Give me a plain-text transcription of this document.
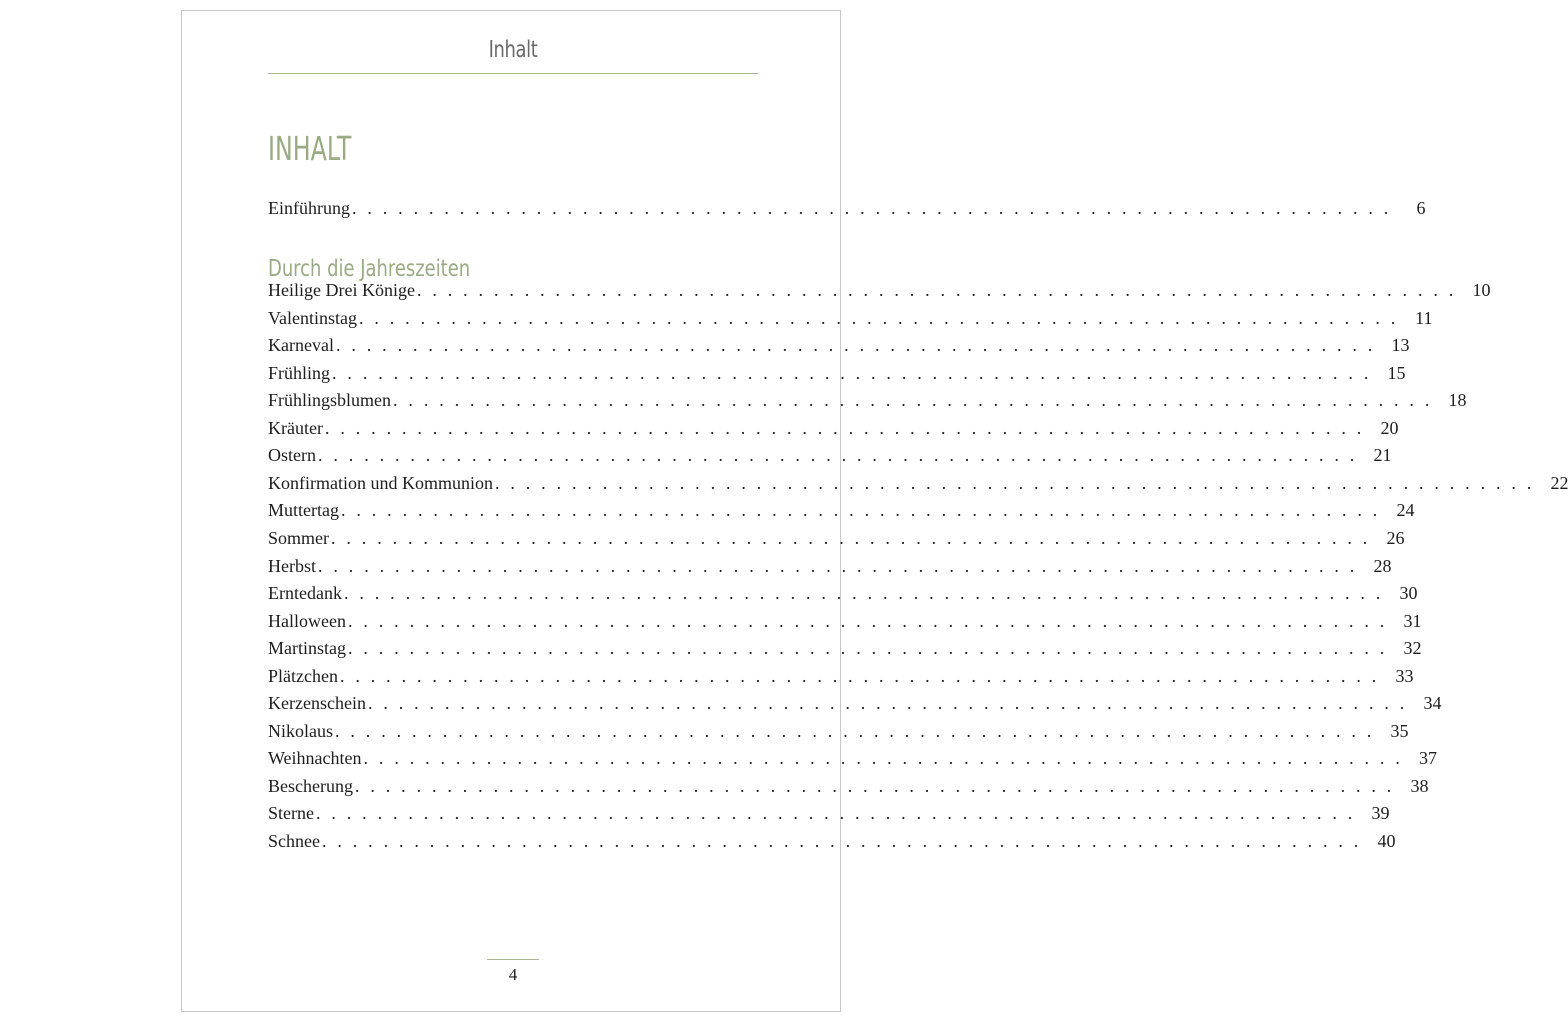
Inhalt
INHALT
Einführung . . . . . . . . . . . . . . . . . . . . . . . . . . . . . . . . . . . . . . . . . . . . . . . . . . . . . . . . . . . . . . . . . . . .	6
Durch die Jahreszeiten
Heilige Drei Könige . . . . . . . . . . . . . . . . . . . . . . . . . . . . . . . . . . . . . . . . . . . . . . . . . . . . . . . . . . . . . . . . . . . . 10
Valentinstag . . . . . . . . . . . . . . . . . . . . . . . . . . . . . . . . . . . . . . . . . . . . . . . . . . . . . . . . . . . . . . . . . . . . 11
Karneval . . . . . . . . . . . . . . . . . . . . . . . . . . . . . . . . . . . . . . . . . . . . . . . . . . . . . . . . . . . . . . . . . . . . 13
Frühling . . . . . . . . . . . . . . . . . . . . . . . . . . . . . . . . . . . . . . . . . . . . . . . . . . . . . . . . . . . . . . . . . . . . 15
Frühlingsblumen . . . . . . . . . . . . . . . . . . . . . . . . . . . . . . . . . . . . . . . . . . . . . . . . . . . . . . . . . . . . . . . . . . . . 18
Kräuter . . . . . . . . . . . . . . . . . . . . . . . . . . . . . . . . . . . . . . . . . . . . . . . . . . . . . . . . . . . . . . . . . . . . 20
Ostern . . . . . . . . . . . . . . . . . . . . . . . . . . . . . . . . . . . . . . . . . . . . . . . . . . . . . . . . . . . . . . . . . . . . 21
Konfirmation und Kommunion . . . . . . . . . . . . . . . . . . . . . . . . . . . . . . . . . . . . . . . . . . . . . . . . . . . . . . . . . . . . . . . . . . . . 22
Muttertag . . . . . . . . . . . . . . . . . . . . . . . . . . . . . . . . . . . . . . . . . . . . . . . . . . . . . . . . . . . . . . . . . . . . 24
Sommer . . . . . . . . . . . . . . . . . . . . . . . . . . . . . . . . . . . . . . . . . . . . . . . . . . . . . . . . . . . . . . . . . . . . 26
Herbst . . . . . . . . . . . . . . . . . . . . . . . . . . . . . . . . . . . . . . . . . . . . . . . . . . . . . . . . . . . . . . . . . . . . 28
Erntedank . . . . . . . . . . . . . . . . . . . . . . . . . . . . . . . . . . . . . . . . . . . . . . . . . . . . . . . . . . . . . . . . . . . . 30
Halloween . . . . . . . . . . . . . . . . . . . . . . . . . . . . . . . . . . . . . . . . . . . . . . . . . . . . . . . . . . . . . . . . . . . . 31
Martinstag . . . . . . . . . . . . . . . . . . . . . . . . . . . . . . . . . . . . . . . . . . . . . . . . . . . . . . . . . . . . . . . . . . . . 32
Plätzchen . . . . . . . . . . . . . . . . . . . . . . . . . . . . . . . . . . . . . . . . . . . . . . . . . . . . . . . . . . . . . . . . . . . . 33
Kerzenschein . . . . . . . . . . . . . . . . . . . . . . . . . . . . . . . . . . . . . . . . . . . . . . . . . . . . . . . . . . . . . . . . . . . . 34
Nikolaus . . . . . . . . . . . . . . . . . . . . . . . . . . . . . . . . . . . . . . . . . . . . . . . . . . . . . . . . . . . . . . . . . . . . 35
Weihnachten . . . . . . . . . . . . . . . . . . . . . . . . . . . . . . . . . . . . . . . . . . . . . . . . . . . . . . . . . . . . . . . . . . . . 37
Bescherung . . . . . . . . . . . . . . . . . . . . . . . . . . . . . . . . . . . . . . . . . . . . . . . . . . . . . . . . . . . . . . . . . . . . 38
Sterne . . . . . . . . . . . . . . . . . . . . . . . . . . . . . . . . . . . . . . . . . . . . . . . . . . . . . . . . . . . . . . . . . . . . 39
Schnee . . . . . . . . . . . . . . . . . . . . . . . . . . . . . . . . . . . . . . . . . . . . . . . . . . . . . . . . . . . . . . . . . . . . 40
4
